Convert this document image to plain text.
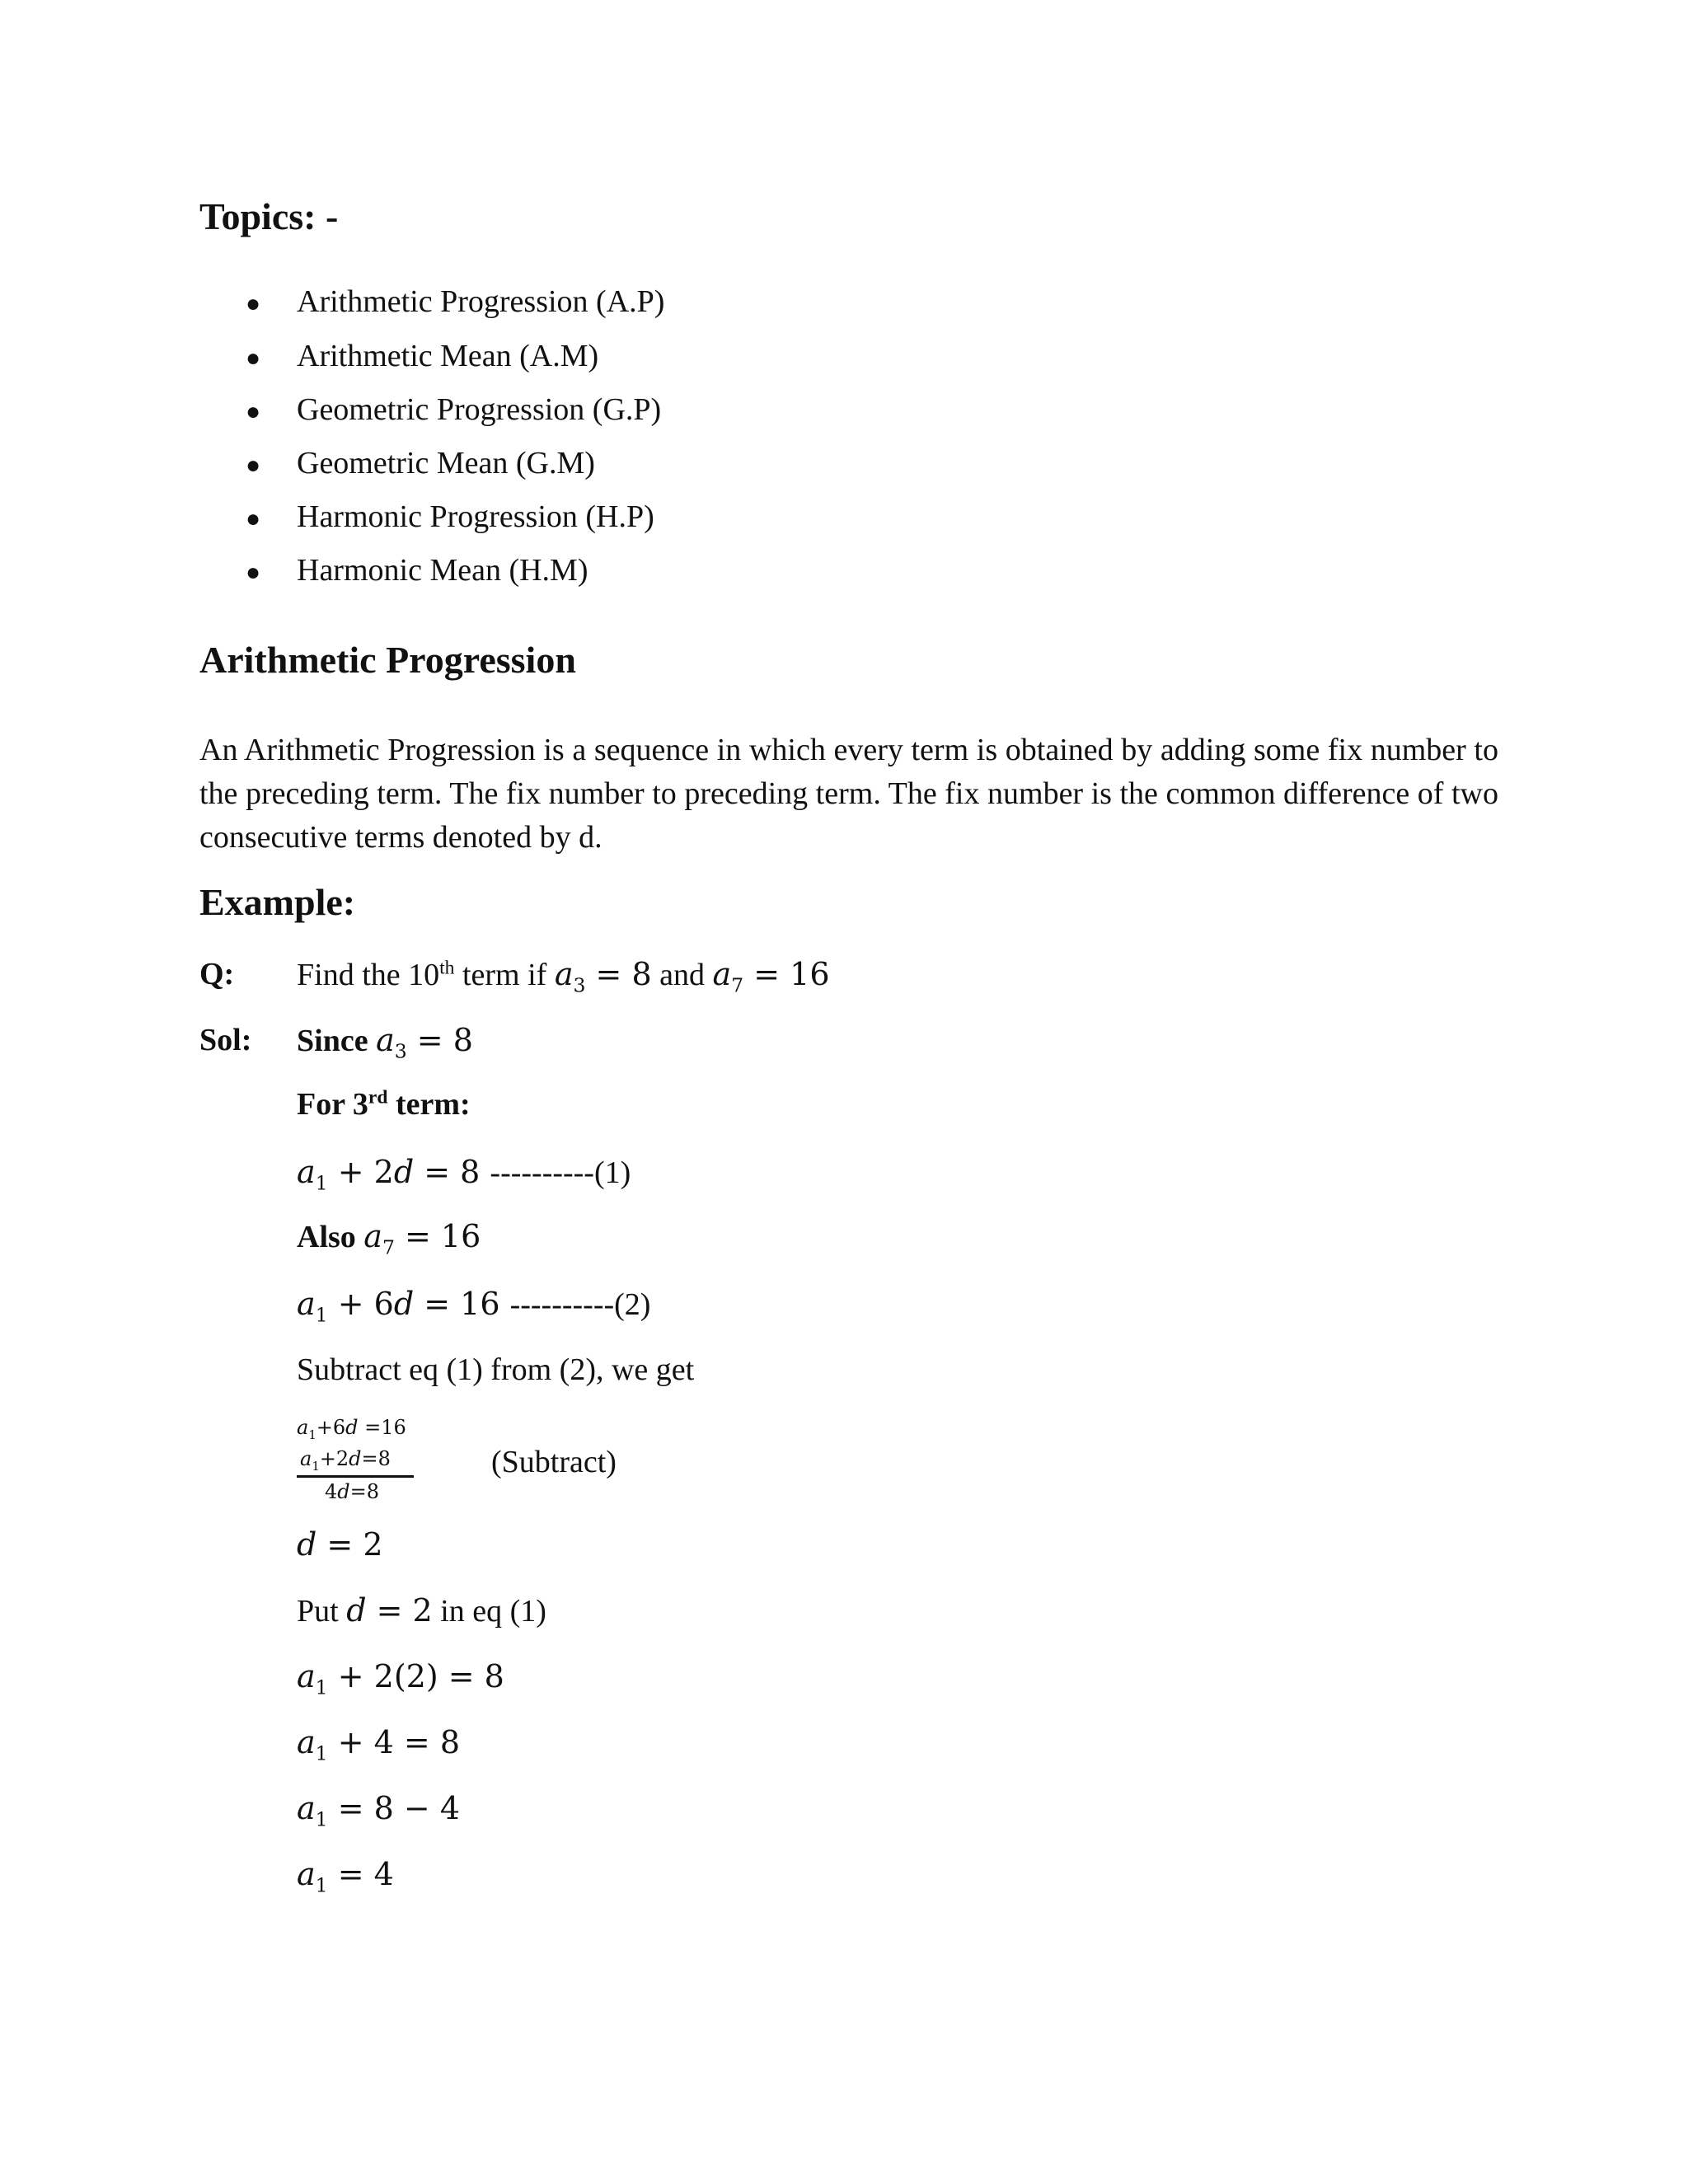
Topics: -
● Arithmetic Progression (A.P)
● Arithmetic Mean (A.M)
● Geometric Progression (G.P)
● Geometric Mean (G.M)
● Harmonic Progression (H.P)
● Harmonic Mean (H.M)
Arithmetic Progression
An Arithmetic Progression is a sequence in which every term is obtained by adding some fix number to the preceding term. The fix number to preceding term. The fix number is the common difference of two consecutive terms denoted by d.
Example:
Q: Find the 10th term if $a_3 = 8$ and $a_7 = 16$
Sol: Since $a_3 = 8$
For 3rd term:
$a_1 + 2d = 8$ ----------(1)
Also $a_7 = 16$
$a_1 + 6d = 16$ ----------(2)
Subtract eq (1) from (2), we get
$a_1+6d =16$
$a_1+2d=8$
4d=8
(Subtract)
d = 2
Put d = 2 in eq (1)
$a_1 + 2(2) = 8$
$a_1 + 4 = 8$
$a_1 = 8 - 4$
$a_1 = 4$
